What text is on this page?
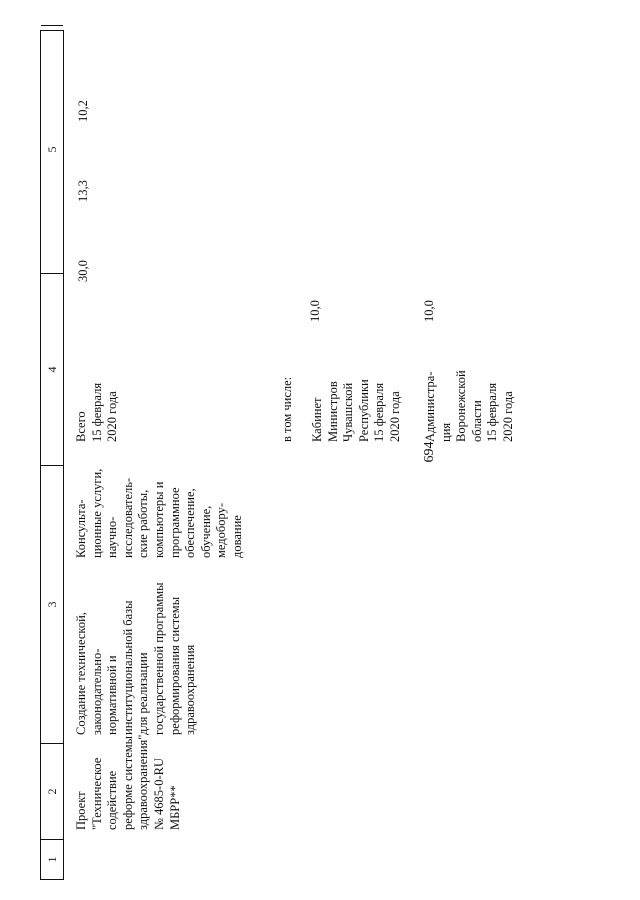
694
1
2
3
4
5
Проект "Техническое содействие реформе системы здравоохранения" № 4685-0-RU МБРР**
Создание технической, законодательно- нормативной и институциональной базы для реализации государственной программы реформирования системы здравоохранения
Консульта- ционные услуги, научно- исследователь- ские работы, компьютеры и программное обеспечение, обучение, медобору- дование
Всего 15 февраля 2020 года	в том числе: Кабинет Министров Чувашской Республики 15 февраля 2020 года Администра- ция Воронежской области 15 февраля 2020 года
30,0
13,3
10,2
10,0	10,0
